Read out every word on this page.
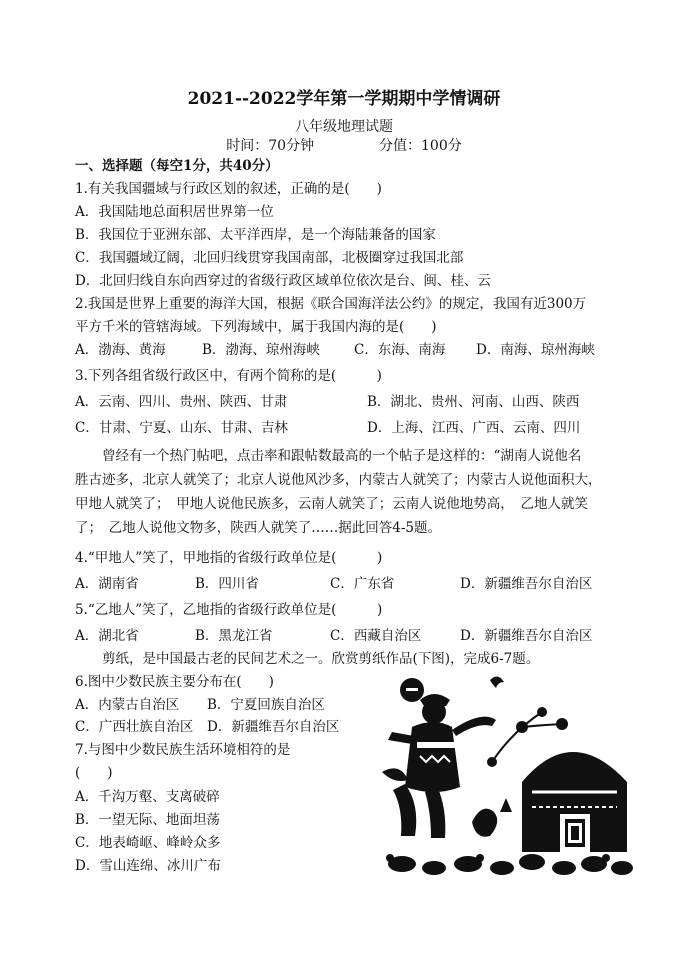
2021--2022学年第一学期期中学情调研
八年级地理试题
时间：70分钟	分值：100分
一、选择题（每空1分，共40分）
1.有关我国疆域与行政区划的叙述，正确的是(　　)
A．我国陆地总面积居世界第一位
B．我国位于亚洲东部、太平洋西岸，是一个海陆兼备的国家
C．我国疆域辽阔，北回归线贯穿我国南部，北极圈穿过我国北部
D．北回归线自东向西穿过的省级行政区域单位依次是台、闽、桂、云
2.我国是世界上重要的海洋大国，根据《联合国海洋法公约》的规定，我国有近300万
平方千米的管辖海域。下列海域中，属于我国内海的是(　　)
A．渤海、黄海	B．渤海、琼州海峡	C．东海、南海	D．南海、琼州海峡
3.下列各组省级行政区中，有两个简称的是(　　　)
A．云南、四川、贵州、陕西、甘肃	B．湖北、贵州、河南、山西、陕西
C．甘肃、宁夏、山东、甘肃、吉林	D．上海、江西、广西、云南、四川
曾经有一个热门帖吧，点击率和跟帖数最高的一个帖子是这样的：“湖南人说他名
胜古迹多，北京人就笑了；北京人说他风沙多，内蒙古人就笑了；内蒙古人说他面积大，
甲地人就笑了；　甲地人说他民族多，云南人就笑了；云南人说他地势高，　乙地人就笑
了；　乙地人说他文物多，陕西人就笑了……据此回答4-5题。
4.“甲地人”笑了，甲地指的省级行政单位是(　　　)
A．湖南省	B．四川省	C．广东省	D．新疆维吾尔自治区
5.“乙地人”笑了，乙地指的省级行政单位是(　　　)
A．湖北省	B．黑龙江省	C．西藏自治区	D．新疆维吾尔自治区
剪纸，是中国最古老的民间艺术之一。欣赏剪纸作品(下图)，完成6-7题。
6.图中少数民族主要分布在(　　)
A．内蒙古自治区	B．宁夏回族自治区
C．广西壮族自治区	D．新疆维吾尔自治区
7.与图中少数民族生活环境相符的是
(　　)
A．千沟万壑、支离破碎
B．一望无际、地面坦荡
C．地表崎岖、峰岭众多
D．雪山连绵、冰川广布
